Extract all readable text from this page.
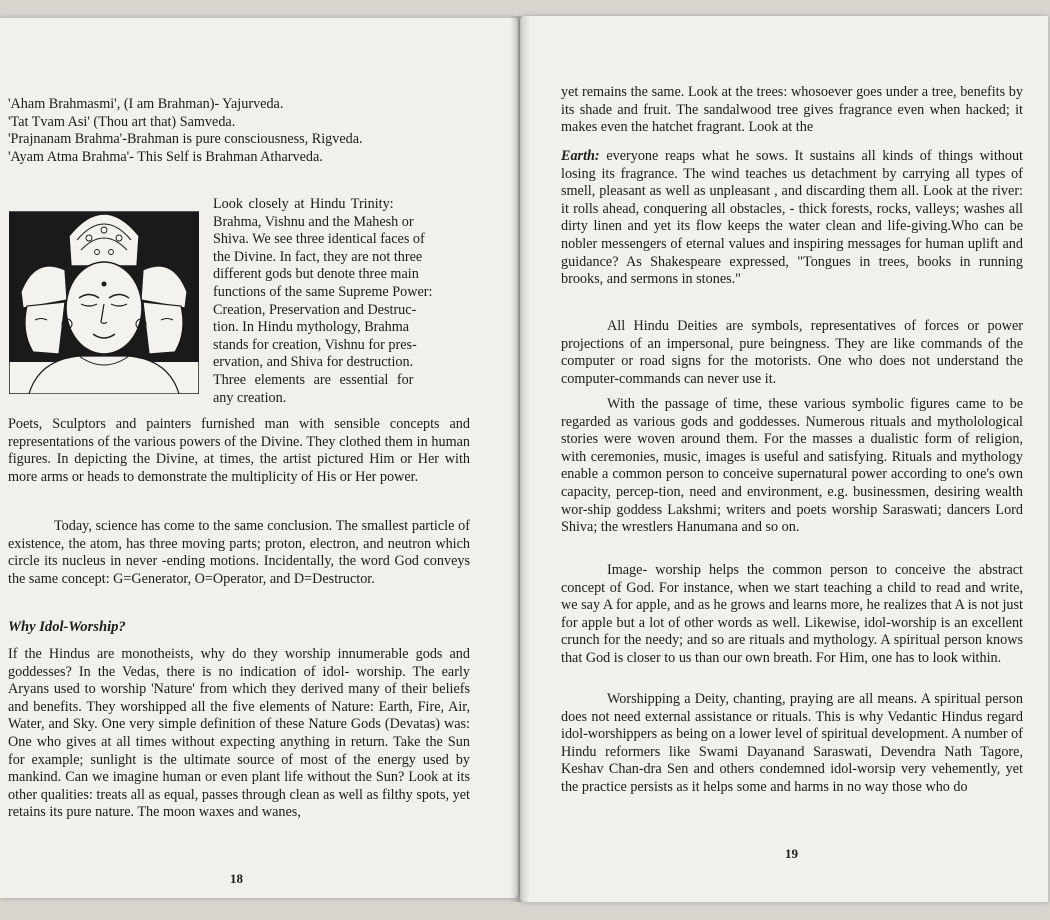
'Aham Brahmasmi', (I am Brahman)- Yajurveda.
'Tat Tvam Asi' (Thou art that) Samveda.
'Prajnanam Brahma'-Brahman is pure consciousness, Rigveda.
'Ayam Atma Brahma'- This Self is Brahman Atharveda.
Look closely at Hindu Trinity:
Brahma, Vishnu and the Mahesh or
Shiva. We see three identical faces of
the Divine. In fact, they are not three
different gods but denote three main
functions of the same Supreme Power:
Creation, Preservation and Destruc-
tion. In Hindu mythology, Brahma
stands for creation, Vishnu for pres-
ervation, and Shiva for destruction.
Three elements are essential for
any creation.

Poets, Sculptors and painters furnished man with sensible concepts and representations of the various powers of the Divine. They clothed them in human figures. In depicting the Divine, at times, the artist pictured Him or Her with more arms or heads to demonstrate the multiplicity of His or Her power.

Today, science has come to the same conclusion. The smallest particle of existence, the atom, has three moving parts; proton, electron, and neutron which circle its nucleus in never -ending motions. Incidentally, the word God conveys the same concept: G=Generator, O=Operator, and D=Destructor.

Why Idol-Worship?

If the Hindus are monotheists, why do they worship innumerable gods and goddesses? In the Vedas, there is no indication of idol- worship. The early Aryans used to worship 'Nature' from which they derived many of their beliefs and benefits. They worshipped all the five elements of Nature: Earth, Fire, Air, Water, and Sky. One very simple definition of these Nature Gods (Devatas) was: One who gives at all times without expecting anything in return. Take the Sun for example; sunlight is the ultimate source of most of the energy used by mankind. Can we imagine human or even plant life without the Sun? Look at its other qualities: treats all as equal, passes through clean as well as filthy spots, yet retains its pure nature. The moon waxes and wanes,

18

yet remains the same. Look at the trees: whosoever goes under a tree, benefits by its shade and fruit. The sandalwood tree gives fragrance even when hacked; it makes even the hatchet fragrant. Look at the

Earth: everyone reaps what he sows. It sustains all kinds of things without losing its fragrance. The wind teaches us detachment by carrying all types of smell, pleasant as well as unpleasant , and discarding them all. Look at the river: it rolls ahead, conquering all obstacles, - thick forests, rocks, valleys; washes all dirty linen and yet its flow keeps the water clean and life-giving.Who can be nobler messengers of eternal values and inspiring messages for human uplift and guidance? As Shakespeare expressed, "Tongues in trees, books in running brooks, and sermons in stones."

All Hindu Deities are symbols, representatives of forces or power projections of an impersonal, pure beingness. They are like commands of the computer or road signs for the motorists. One who does not understand the computer-commands can never use it.

With the passage of time, these various symbolic figures came to be regarded as various gods and goddesses. Numerous rituals and mytholological stories were woven around them. For the masses a dualistic form of religion, with ceremonies, music, images is useful and satisfying. Rituals and mythology enable a common person to conceive supernatural power according to one's own capacity, percep-tion, need and environment, e.g. businessmen, desiring wealth wor-ship goddess Lakshmi; writers and poets worship Saraswati; dancers Lord Shiva; the wrestlers Hanumana and so on.

Image- worship helps the common person to conceive the abstract concept of God. For instance, when we start teaching a child to read and write, we say A for apple, and as he grows and learns more, he realizes that A is not just for apple but a lot of other words as well. Likewise, idol-worship is an excellent crunch for the needy; and so are rituals and mythology. A spiritual person knows that God is closer to us than our own breath. For Him, one has to look within.

Worshipping a Deity, chanting, praying are all means. A spiritual person does not need external assistance or rituals. This is why Vedantic Hindus regard idol-worshippers as being on a lower level of spiritual development. A number of Hindu reformers like Swami Dayanand Saraswati, Devendra Nath Tagore, Keshav Chan-dra Sen and others condemned idol-worsip very vehemently, yet the practice persists as it helps some and harms in no way those who do

19
